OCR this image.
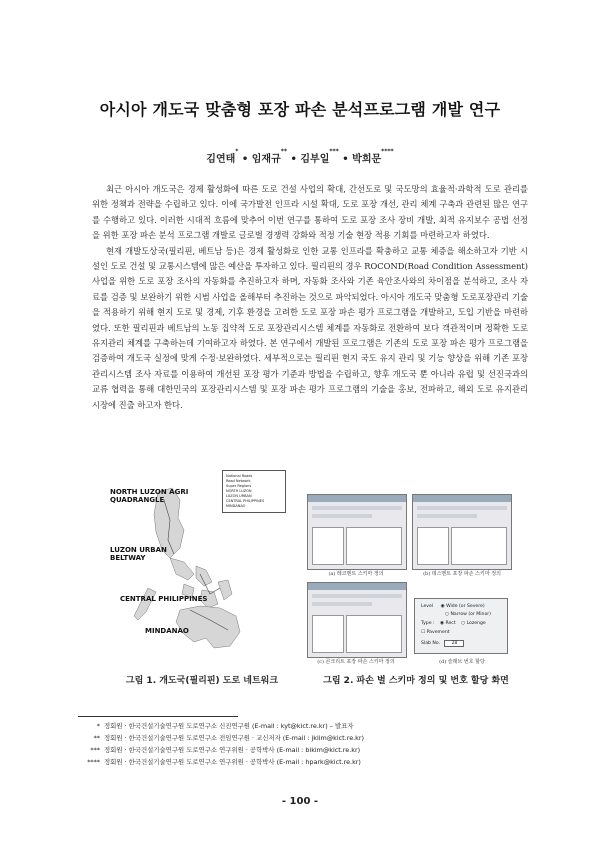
아시아 개도국 맞춤형 포장 파손 분석프로그램 개발 연구
김연태* • 임재규** • 김부일*** • 박희문****

최근 아시아 개도국은 경제 활성화에 따른 도로 건설 사업의 확대, 간선도로 및 국도망의 효율적·과학적 도로 관리를 위한 정책과 전략을 수립하고 있다. 이에 국가발전 인프라 시설 확대, 도로 포장 개선, 관리 체계 구축과 관련된 많은 연구를 수행하고 있다. 이러한 시대적 흐름에 맞추어 이번 연구를 통하여 도로 포장 조사 장비 개발, 최적 유지보수 공법 선정을 위한 포장 파손 분석 프로그램 개발로 글로벌 경쟁력 강화와 적정 기술 현장 적용 기회를 마련하고자 하였다.

현재 개발도상국(필리핀, 베트남 등)은 경제 활성화로 인한 교통 인프라를 확충하고 교통 체증을 해소하고자 기반 시설인 도로 건설 및 교통시스템에 많은 예산을 투자하고 있다. 필리핀의 경우 ROCOND(Road Condition Assessment) 사업을 위한 도로 포장 조사의 자동화를 추진하고자 하며, 자동화 조사와 기존 육안조사와의 차이점을 분석하고, 조사 자료를 검증 및 보완하기 위한 시범 사업을 올해부터 추진하는 것으로 파악되었다. 아시아 개도국 맞춤형 도로포장관리 기술을 적용하기 위해 현지 도로 및 경제, 기후 환경을 고려한 도로 포장 파손 평가 프로그램을 개발하고, 도입 기반을 마련하였다. 또한 필리핀과 베트남의 노동 집약적 도로 포장관리시스템 체계를 자동화로 전환하여 보다 객관적이며 정확한 도로 유지관리 체계를 구축하는데 기여하고자 하였다. 본 연구에서 개발된 프로그램은 기존의 도로 포장 파손 평가 프로그램을 검증하여 개도국 실정에 맞게 수정·보완하였다. 세부적으로는 필리핀 현지 국도 유지 관리 및 기능 향상을 위해 기존 포장관리시스템 조사 자료를 이용하여 개선된 포장 평가 기준과 방법을 수립하고, 향후 개도국 뿐 아니라 유럽 및 선진국과의 교류 협력을 통해 대한민국의 포장관리시스템 및 포장 파손 평가 프로그램의 기술을 홍보, 전파하고, 해외 도로 유지관리 시장에 진출 하고자 한다.

NORTH LUZON AGRI QUADRANGLE
LUZON URBAN BELTWAY
CENTRAL PHILIPPINES
MINDANAO
National Roads
Road Network
Super Regions
NORTH LUZON
LUZON URBAN
CENTRAL PHILIPPINES
MINDANAO
그림 1. 개도국(필리핀) 도로 네트워크
(a) 레코멘트 스키마 정의	(b) 데스멘트 포장 파손 스키마 정의
(c) 콘크리트 포장 파손 스키마 정의
Level ◉ Wide (or Severe)
○ Narrow (or Minor)
Type : ◉ Rect ○ Lozenge
☐ Pavement
Slab No. 28
(d) 슬래브 번호 할당
그림 2. 파손 별 스키마 정의 및 번호 할당 화면
* 정회원 · 한국건설기술연구원 도로연구소 신진연구원 (E-mail : kyt@kict.re.kr) – 발표자
** 정회원 · 한국건설기술연구원 도로연구소 전임연구원 · 교신저자 (E-mail : jklim@kict.re.kr)
*** 정회원 · 한국건설기술연구원 도로연구소 연구위원 · 공학박사 (E-mail : bikim@kict.re.kr)
**** 정회원 · 한국건설기술연구원 도로연구소 연구위원 · 공학박사 (E-mail : hpark@kict.re.kr)
- 100 -
